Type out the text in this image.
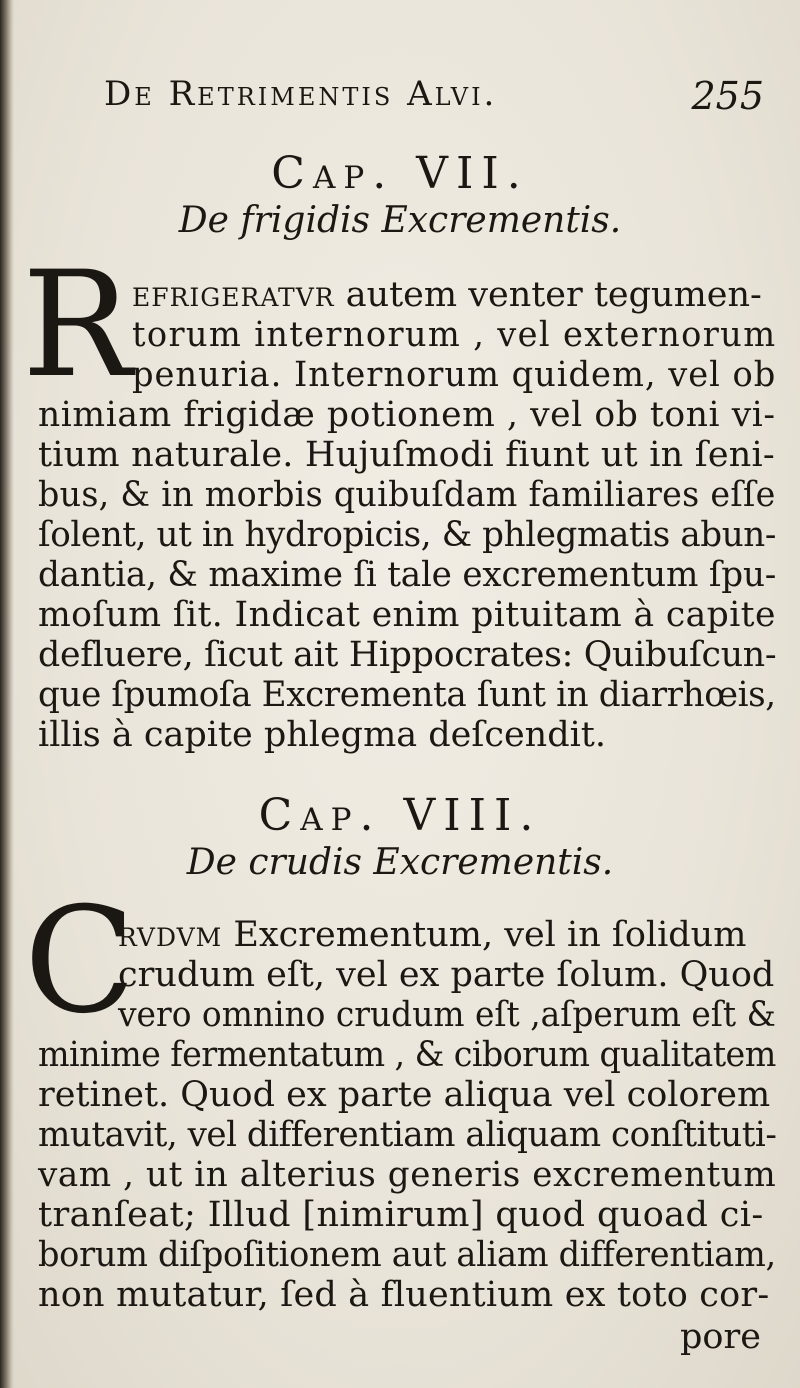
De Retrimentis Alvi.	255
Cap. VII.
De frigidis Excrementis.
R efrigeratvr autem venter tegumen-
torum internorum , vel externorum
penuria. Internorum quidem, vel ob
nimiam frigidæ potionem , vel ob toni vi-
tium naturale. Hujuſmodi fiunt ut in ſeni-
bus, & in morbis quibuſdam familiares eſſe
ſolent, ut in hydropicis, & phlegmatis abun-
dantia, & maxime ſi tale excrementum ſpu-
moſum ſit. Indicat enim pituitam à capite
defluere, ſicut ait Hippocrates: Quibuſcun-
que ſpumoſa Excrementa ſunt in diarrhœis,
illis à capite phlegma deſcendit.
Cap. VIII.
De crudis Excrementis.
C
rvdvm Excrementum, vel in ſolidum
crudum eſt, vel ex parte ſolum. Quod
vero omnino crudum eſt ,aſperum eſt &
minime fermentatum , & ciborum qualitatem
retinet. Quod ex parte aliqua vel colorem
mutavit, vel differentiam aliquam conſtituti-
vam , ut in alterius generis excrementum
tranſeat; Illud [nimirum] quod quoad ci-
borum diſpoſitionem aut aliam differentiam,
non mutatur, ſed à fluentium ex toto cor-
pore
